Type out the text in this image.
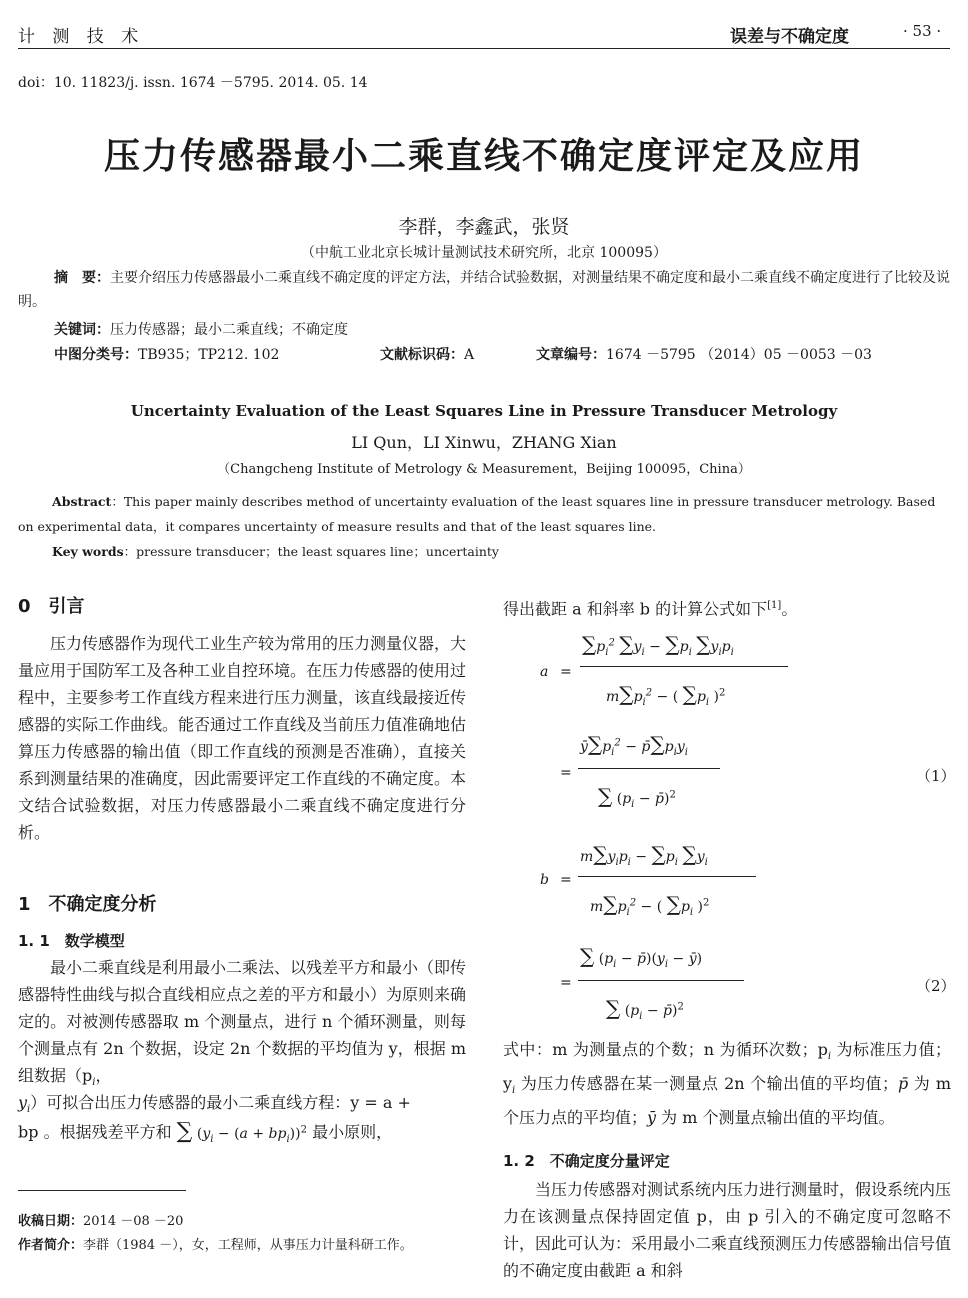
计 测 技 术	误差与不确定度	· 53 ·
doi：10. 11823/j. issn. 1674 －5795. 2014. 05. 14
压力传感器最小二乘直线不确定度评定及应用
李群，李鑫武，张贤
（中航工业北京长城计量测试技术研究所，北京 100095）
摘　要：主要介绍压力传感器最小二乘直线不确定度的评定方法，并结合试验数据，对测量结果不确定度和最小二乘直线不确定度进行了比较及说明。
关键词：压力传感器；最小二乘直线；不确定度
中图分类号：TB935；TP212. 102	文献标识码：A	文章编号：1674 －5795 （2014）05 －0053 －03
Uncertainty Evaluation of the Least Squares Line in Pressure Transducer Metrology
LI Qun，LI Xinwu，ZHANG Xian
（Changcheng Institute of Metrology & Measurement，Beijing 100095，China）
Abstract：This paper mainly describes method of uncertainty evaluation of the least squares line in pressure transducer metrology. Based on experimental data，it compares uncertainty of measure results and that of the least squares line.
Key words：pressure transducer；the least squares line；uncertainty
0　引言
压力传感器作为现代工业生产较为常用的压力测量仪器，大量应用于国防军工及各种工业自控环境。在压力传感器的使用过程中，主要参考工作直线方程来进行压力测量，该直线最接近传感器的实际工作曲线。能否通过工作直线及当前压力值准确地估算压力传感器的输出值（即工作直线的预测是否准确），直接关系到测量结果的准确度，因此需要评定工作直线的不确定度。本文结合试验数据，对压力传感器最小二乘直线不确定度进行分析。
1　不确定度分析
1. 1　数学模型
最小二乘直线是利用最小二乘法、以残差平方和最小（即传感器特性曲线与拟合直线相应点之差的平方和最小）为原则来确定的。对被测传感器取 m 个测量点，进行 n 个循环测量，则每个测量点有 2n 个数据，设定 2n 个数据的平均值为 y，根据 m 组数据（$p_i$，
$y_i$）可拟合出压力传感器的最小二乘直线方程：y = a +
bp 。根据残差平方和 ∑ $(y_i - (a + bp_i))^2$ 最小原则，
收稿日期：2014 －08 －20
作者简介：李群（1984 －），女，工程师，从事压力计量科研工作。
得出截距 a 和斜率 b 的计算公式如下[1]。
a =
$\sum p_i^2$ $\sum y_i - \sum p_i$ $\sum y_ip_i$
$m\sum p_i^2$ − ( $\sum p_i$ )$^2$
=
$ȳ\sum p_i^2$ − $p̄\sum p_iy_i$
∑ ($p_i$ − p̄)$^2$
（1）
b =
$m\sum y_ip_i - \sum p_i$ $\sum y_i$
$m\sum p_i^2$ − ( $\sum p_i$ )$^2$
=
∑ ($p_i$ − $p̄)(y_i$ − ȳ)
∑ ($p_i$ − p̄)$^2$
（2）
式中：m 为测量点的个数；n 为循环次数；$p_i$ 为标准压力值；$y_i$ 为压力传感器在某一测量点 2n 个输出值的平均值；p̄ 为 m 个压力点的平均值；ȳ 为 m 个测量点输出值的平均值。
1. 2　不确定度分量评定
当压力传感器对测试系统内压力进行测量时，假设系统内压力在该测量点保持固定值 p，由 p 引入的不确定度可忽略不计，因此可认为：采用最小二乘直线预测压力传感器输出信号值的不确定度由截距 a 和斜
